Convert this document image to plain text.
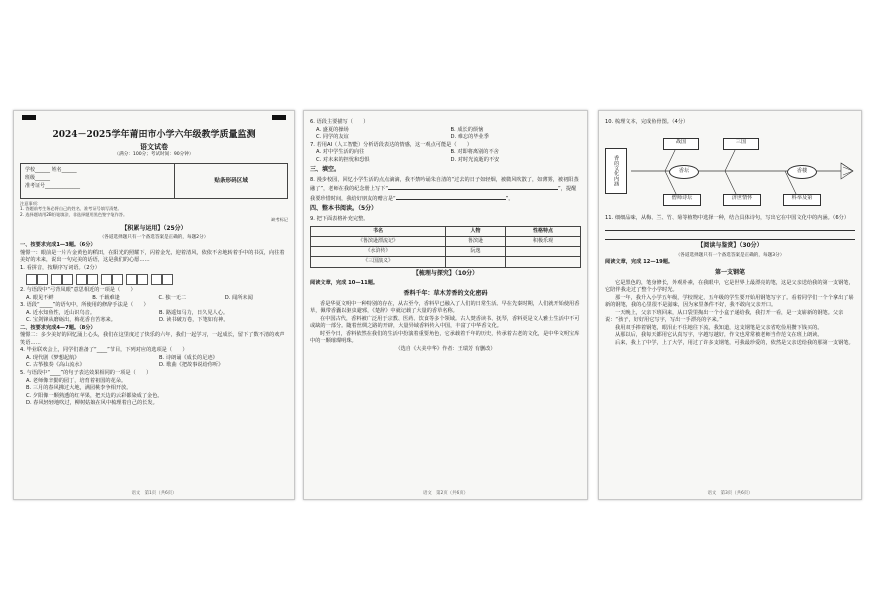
2024－2025学年莆田市小学六年级教学质量监测
语文试卷
（满分：100分；考试时间：90分钟）
学校______ 姓名______
班级______
准考证号______________
贴条形码区域
注意事项：
1. 答题前考生务必将自己的姓名、准考证号填写清楚。
2. 选择题请用2B铅笔填涂，非选择题用黑色签字笔作答。
缺考标记
【积累与运用】（25分）
（各道选择题只有一个备选答案是正确的，每题2分）
一、按要求完成1—3题。（6分）

憧憬一：眼前是一片片金黄色的稻田，在阳光的照耀下，闪着金光，迎着清风，依依不舍地转着手中的书页，向往着美好的未来，说出一句完美的话语，这是我们的心愿……

1. 看拼音，按顺序写词语。（2分）
2. 与语段中“弓背凤眼”意思相近的一项是（　　）
A. 眼见不鲜	B. 千载难逢	C. 独一无二	D. 闻所未闻
3. 语段“_____”的语句中，所使用的修辞手法是（　　）
A. 近水知鱼性，近山识鸟音。	B. 路遥知马力，日久见人心。
C. 宝剑锋从磨砺出，梅花香自苦寒来。	D. 读书破万卷，下笔如有神。
二、按要求完成4—7题。（8分）

憧憬二：多少美好的回忆涌上心头，我们在这里度过了快乐的六年，我们一起学习，一起成长，留下了数不清的欢声笑语……

4. 毕业联欢会上，同学们准备了“____”节目，下列对应的选项是（　　）
A. 现代剧《梦想起航》	B. 诗朗诵《成长的足迹》
C. 古筝独奏《高山流水》	D. 歌曲《把故事说给你听》
5. 与语段中“____”的句子表达效果相同的一项是（　　）
A. 老师像辛勤的园丁，培育着祖国的花朵。
B. 三月的春风拂过大地，满园桃李争相开放。
C. 夕阳像一颗熟透的红苹果，把天边的云彩都染成了金色。
D. 春风轻轻地吹过，柳树姑娘在风中梳理着自己的长发。
语文　第1页（共6页）
6. 语段主要描写（　　）
A. 盛夏的操场	B. 成长的烦恼
C. 同学的友谊	D. 难忘的毕业季
7. 若用AI（人工智能）分析语段表达的情感，这一观点可能是（　　）
A. 对中学生活的向往	B. 对即将离别的不舍
C. 对未来的担忧和恐惧	D. 对时光流逝的不安
三、填空。

8. 漫步校园，回忆小学生活的点点滴滴，我不禁吟诵朱自清的“过去的日子如轻烟，被微风吹散了，如薄雾，被初阳蒸融了”，老师在我的纪念册上写下“	”，提醒我要珍惜时间，我给好朋友的赠言是“	”。

四、整本书阅读。（5分）
9. 把下面表格补充完整。
书名	人物	性格特点
《鲁滨逊漂流记》	鲁滨逊	积极乐观
《水浒传》	阮逸	
《三国演义》		
【梳理与探究】（10分）
阅读文章，完成 10—11题。
香料千年：草木芳香的文化密码

香是华夏文明中一种特别的存在，从古至今，香料早已融入了人们的日常生活。早在先秦时期，人们就开始使用香草，佩带香囊以驱虫避邪，《楚辞》中就记载了大量的香草名称。

在中国古代，香料被广泛用于宗教、医药、饮食等多个领域。古人焚香读书、抚琴，香料更是文人雅士生活中不可或缺的一部分。随着丝绸之路的开辟，大量异域香料传入中国，丰富了中华香文化。

时至今日，香料依然在我们的生活中扮演着重要角色，它承载着千年的历史，传承着古老的文化，是中华文明宝库中的一颗璀璨明珠。

（选自《大美中华》作者：王瑞芳 有删改）
语文　第2页（共6页）
10. 梳理文本，完成鱼骨图。（4分）
香的文化内涵
战国	三国
香坛	香楼
僧师诗坛	济世情怀	科举及第
11. 细细品味，从梅、兰、竹、菊等植物中选择一种，结合具体诗句，写出它在中国文化中的内涵。（6分）
【阅读与鉴赏】（30分）
（各道选择题只有一个备选答案是正确的，每题3分）
阅读文章，完成 12—19题。
第一支钢笔

它是黑色的，笔身修长，外观朴素，在我眼中，它是世界上最漂亮的笔，这是父亲送给我的第一支钢笔，它陪伴我走过了整个小学时光。

那一年，我升入小学五年级，学校规定，五年级的学生要开始用钢笔写字了。看着同学们一个个拿出了崭新的钢笔，我的心里很不是滋味，因为家里条件不好，我不敢向父亲开口。

一天晚上，父亲下班回来，从口袋里掏出一个小盒子递给我，我打开一看，是一支崭新的钢笔。父亲说：“孩子，好好用它写字，写出一手漂亮的字来。”

我用双手捧着钢笔，眼泪止不住地往下流，我知道，这支钢笔是父亲省吃俭用攒下钱买的。

从那以后，我每天都用它认真写字，字越写越好，作文也常常被老师当作范文在班上朗读。

后来，我上了中学，上了大学，用过了许多支钢笔，可我最珍爱的，依然是父亲送给我的那第一支钢笔。

语文　第3页（共6页）
